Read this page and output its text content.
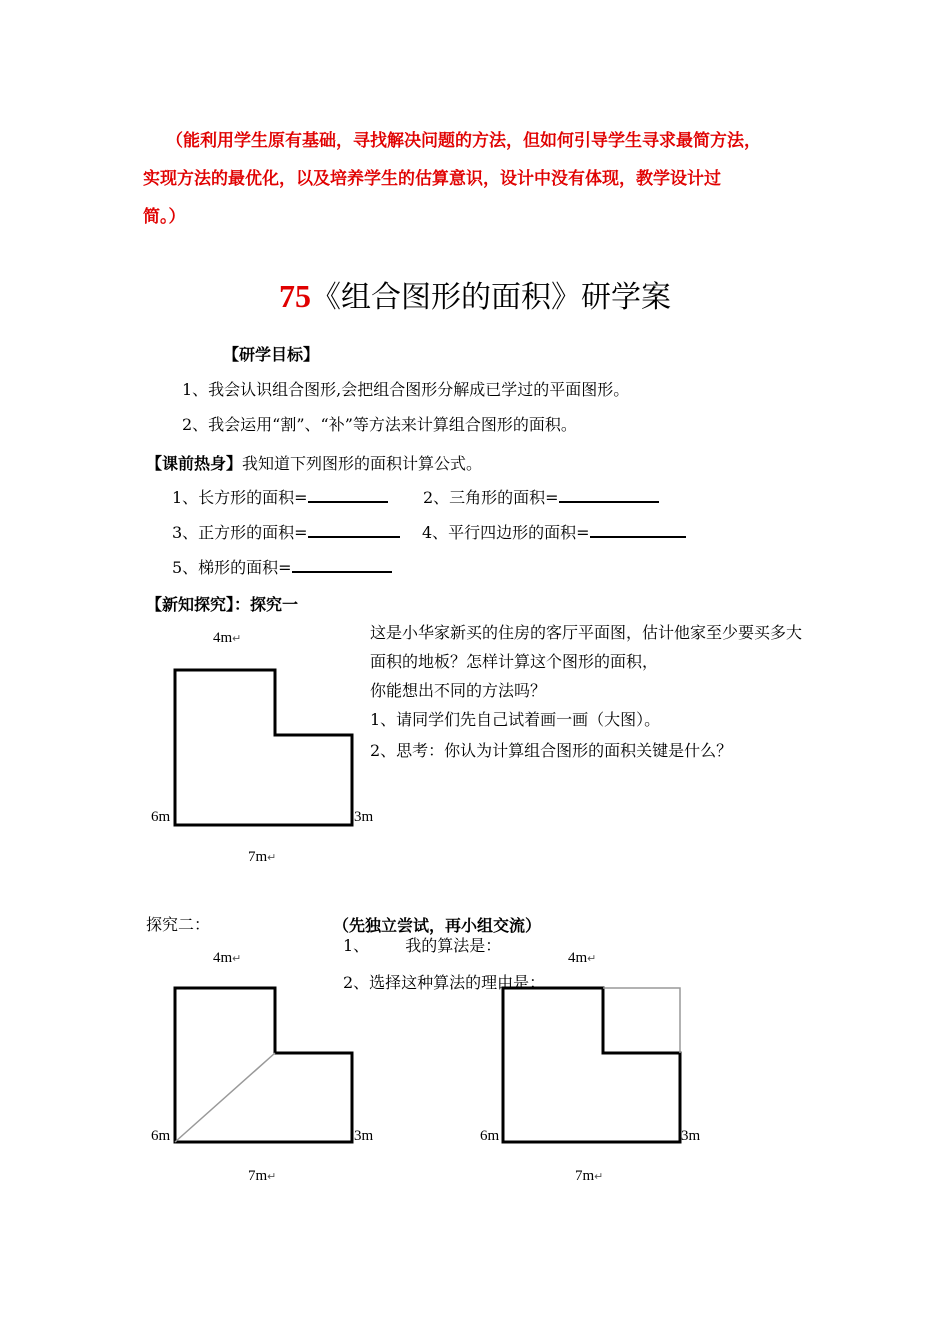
（能利用学生原有基础，寻找解决问题的方法，但如何引导学生寻求最简方法，
实现方法的最优化，以及培养学生的估算意识，设计中没有体现，教学设计过
简。）
75《组合图形的面积》研学案
【研学目标】
1、我会认识组合图形,会把组合图形分解成已学过的平面图形。
2、我会运用“割”、“补”等方法来计算组合图形的面积。
【课前热身】我知道下列图形的面积计算公式。
1、长方形的面积=	2、三角形的面积=
3、正方形的面积=	4、平行四边形的面积=
5、梯形的面积=
【新知探究】：探究一
这是小华家新买的住房的客厅平面图，估计他家至少要买多大
面积的地板？怎样计算这个图形的面积，
你能想出不同的方法吗？
1、请同学们先自己试着画一画（大图）。
2、思考：你认为计算组合图形的面积关键是什么？
探究二：	（先独立尝试，再小组交流）
1、 我的算法是：
2、选择这种算法的理由是：
4m↵
6m	3m
7m↵
4m↵
6m	3m
7m↵
4m↵
6m	3m
7m↵
